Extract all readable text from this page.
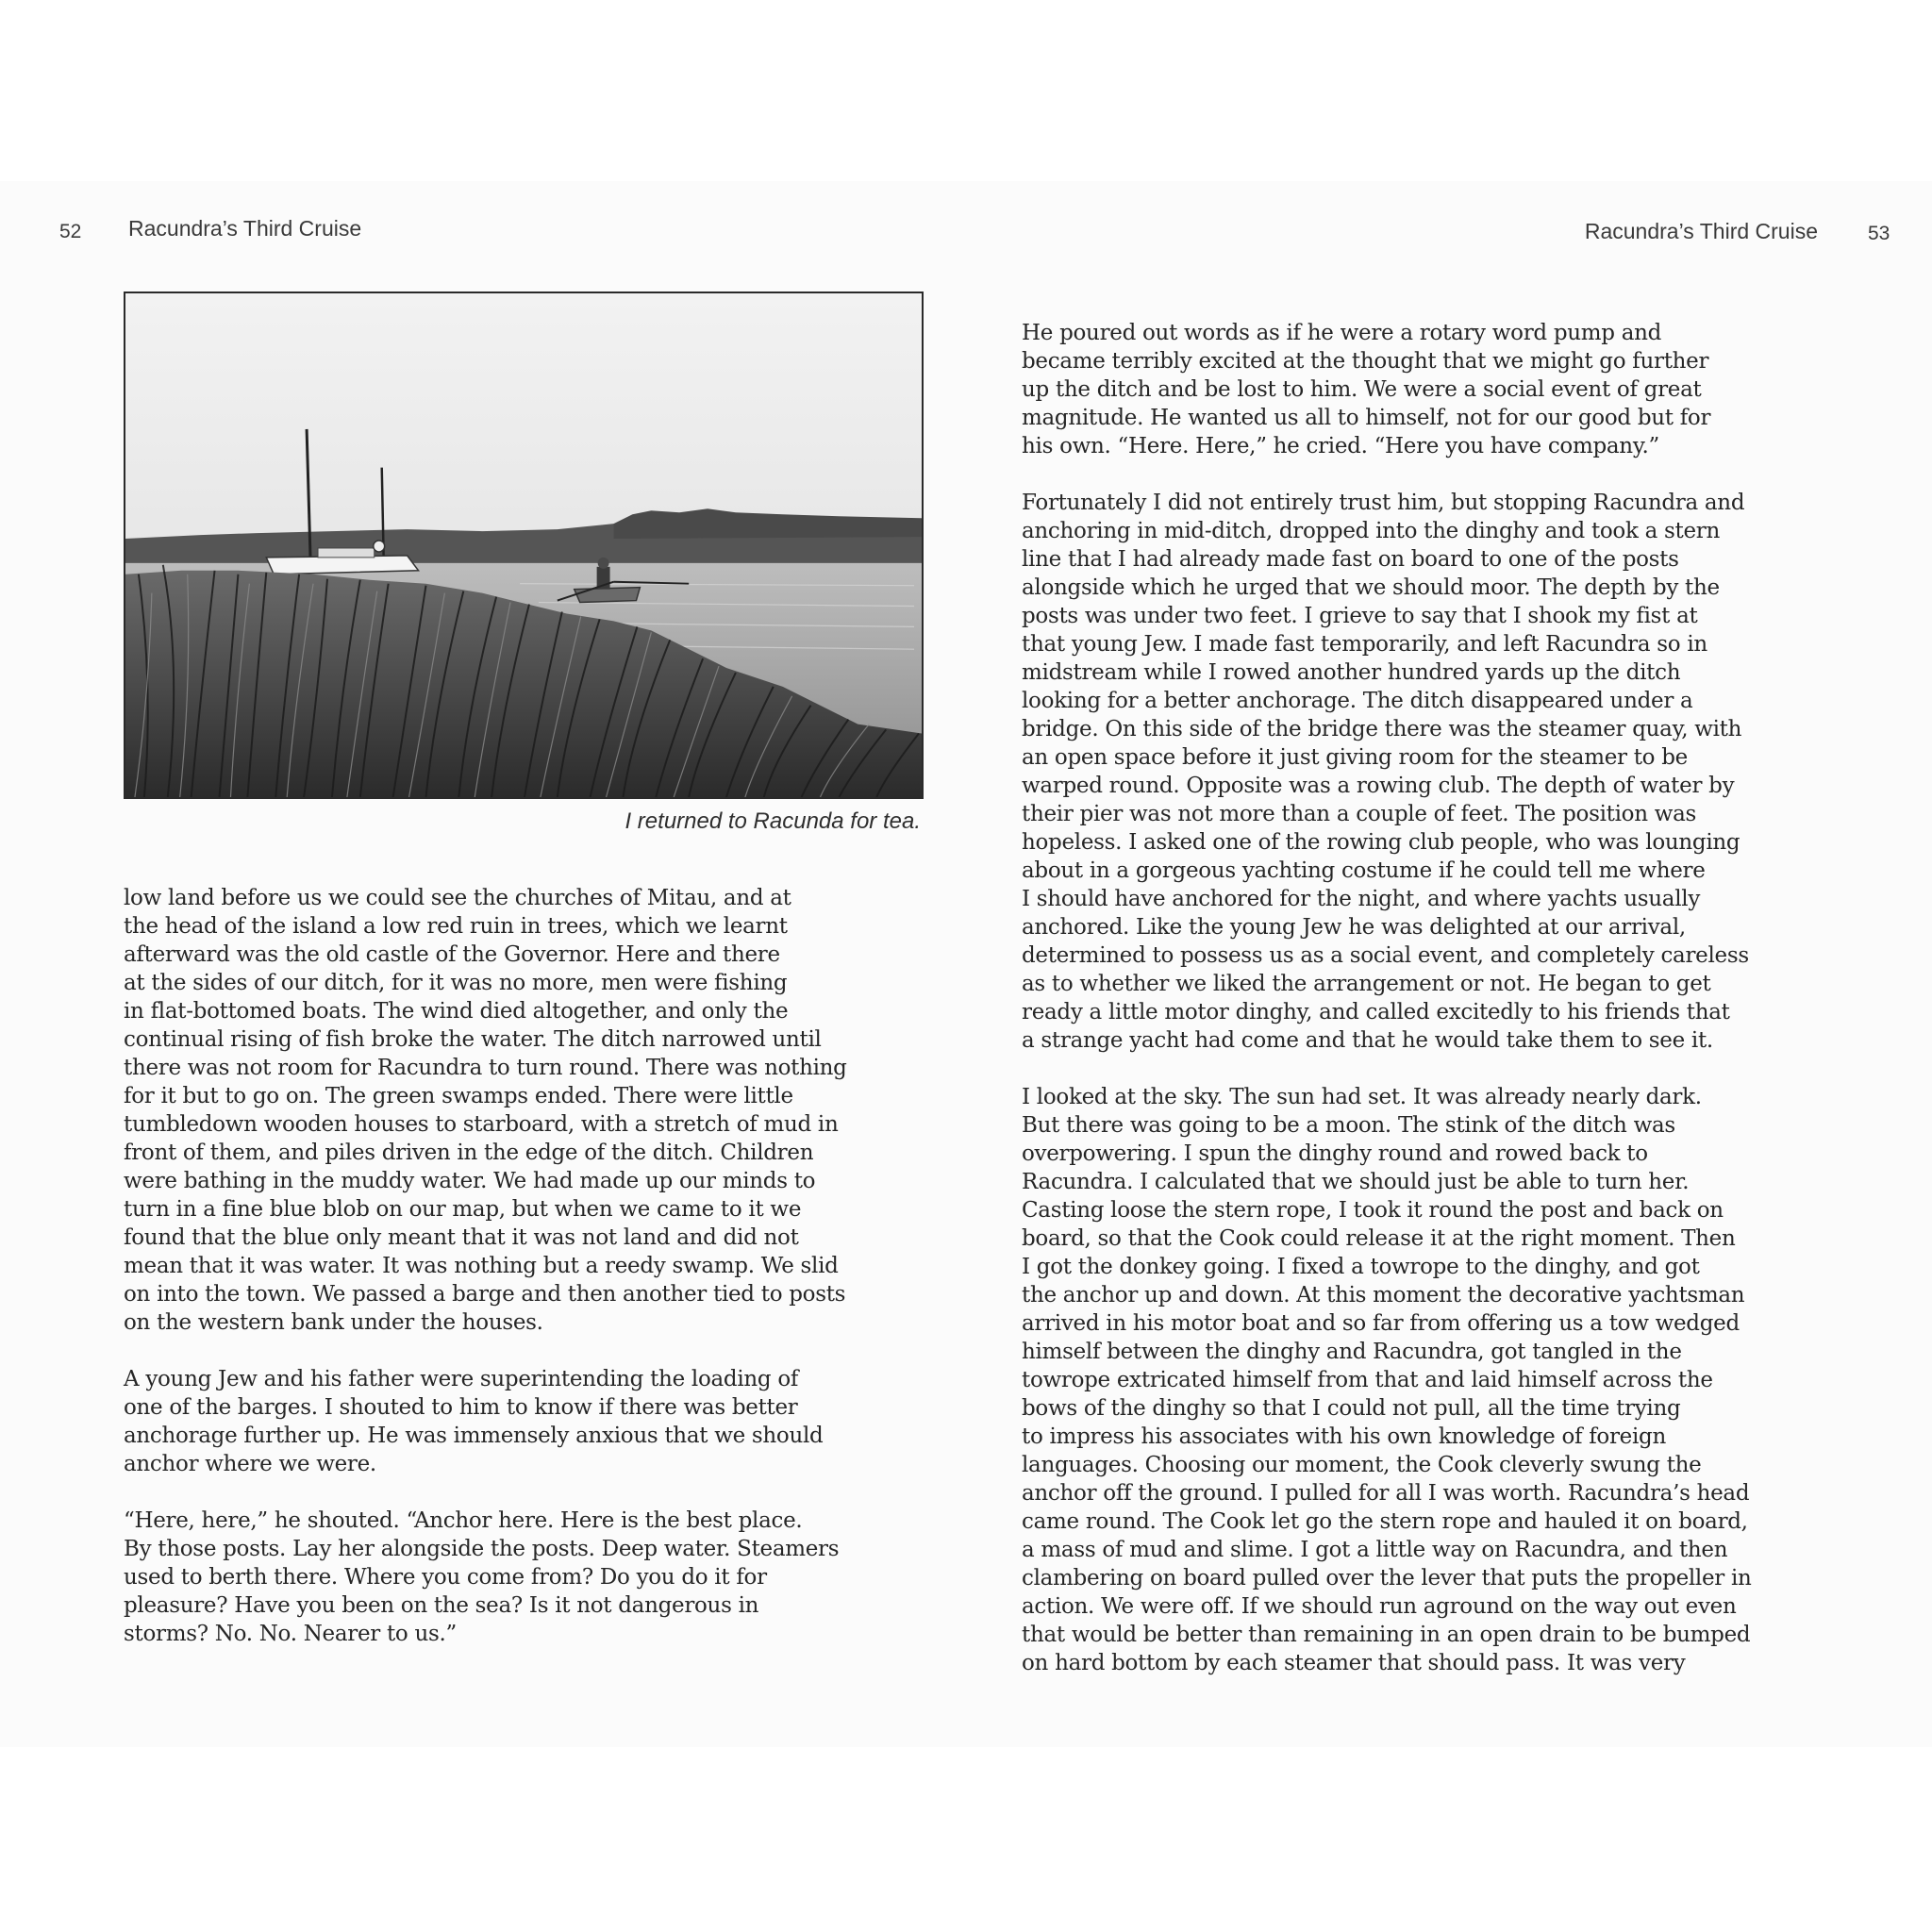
52 Racundra’s Third Cruise	Racundra’s Third Cruise	53
I returned to Racunda for tea.
low land before us we could see the churches of Mitau, and at
the head of the island a low red ruin in trees, which we learnt
afterward was the old castle of the Governor. Here and there
at the sides of our ditch, for it was no more, men were fishing
in flat-bottomed boats. The wind died altogether, and only the
continual rising of fish broke the water. The ditch narrowed until
there was not room for Racundra to turn round. There was nothing
for it but to go on. The green swamps ended. There were little
tumbledown wooden houses to starboard, with a stretch of mud in
front of them, and piles driven in the edge of the ditch. Children
were bathing in the muddy water. We had made up our minds to
turn in a fine blue blob on our map, but when we came to it we
found that the blue only meant that it was not land and did not
mean that it was water. It was nothing but a reedy swamp. We slid
on into the town. We passed a barge and then another tied to posts
on the western bank under the houses.
A young Jew and his father were superintending the loading of
one of the barges. I shouted to him to know if there was better
anchorage further up. He was immensely anxious that we should
anchor where we were.
“Here, here,” he shouted. “Anchor here. Here is the best place.
By those posts. Lay her alongside the posts. Deep water. Steamers
used to berth there. Where you come from? Do you do it for
pleasure? Have you been on the sea? Is it not dangerous in
storms? No. No. Nearer to us.”
He poured out words as if he were a rotary word pump and
became terribly excited at the thought that we might go further
up the ditch and be lost to him. We were a social event of great
magnitude. He wanted us all to himself, not for our good but for
his own. “Here. Here,” he cried. “Here you have company.”
Fortunately I did not entirely trust him, but stopping Racundra and
anchoring in mid-ditch, dropped into the dinghy and took a stern
line that I had already made fast on board to one of the posts
alongside which he urged that we should moor. The depth by the
posts was under two feet. I grieve to say that I shook my fist at
that young Jew. I made fast temporarily, and left Racundra so in
midstream while I rowed another hundred yards up the ditch
looking for a better anchorage. The ditch disappeared under a
bridge. On this side of the bridge there was the steamer quay, with
an open space before it just giving room for the steamer to be
warped round. Opposite was a rowing club. The depth of water by
their pier was not more than a couple of feet. The position was
hopeless. I asked one of the rowing club people, who was lounging
about in a gorgeous yachting costume if he could tell me where
I should have anchored for the night, and where yachts usually
anchored. Like the young Jew he was delighted at our arrival,
determined to possess us as a social event, and completely careless
as to whether we liked the arrangement or not. He began to get
ready a little motor dinghy, and called excitedly to his friends that
a strange yacht had come and that he would take them to see it.
I looked at the sky. The sun had set. It was already nearly dark.
But there was going to be a moon. The stink of the ditch was
overpowering. I spun the dinghy round and rowed back to
Racundra. I calculated that we should just be able to turn her.
Casting loose the stern rope, I took it round the post and back on
board, so that the Cook could release it at the right moment. Then
I got the donkey going. I fixed a towrope to the dinghy, and got
the anchor up and down. At this moment the decorative yachtsman
arrived in his motor boat and so far from offering us a tow wedged
himself between the dinghy and Racundra, got tangled in the
towrope extricated himself from that and laid himself across the
bows of the dinghy so that I could not pull, all the time trying
to impress his associates with his own knowledge of foreign
languages. Choosing our moment, the Cook cleverly swung the
anchor off the ground. I pulled for all I was worth. Racundra’s head
came round. The Cook let go the stern rope and hauled it on board,
a mass of mud and slime. I got a little way on Racundra, and then
clambering on board pulled over the lever that puts the propeller in
action. We were off. If we should run aground on the way out even
that would be better than remaining in an open drain to be bumped
on hard bottom by each steamer that should pass. It was very
